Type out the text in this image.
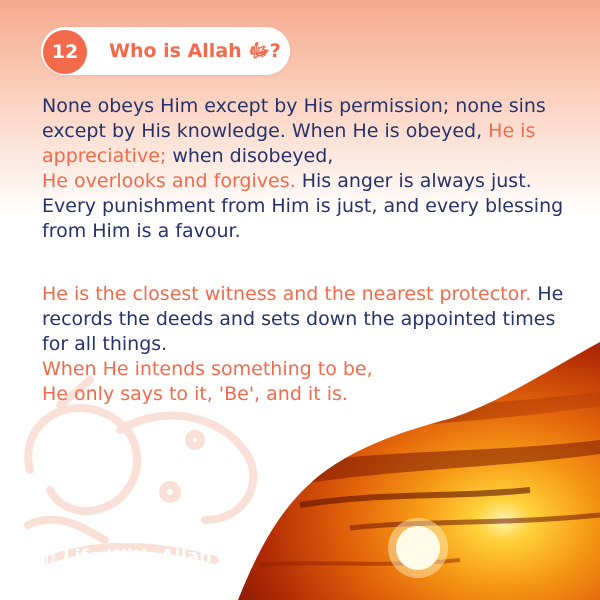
12	Who is Allah ﷻ?

None obeys Him except by His permission; none sins except by His knowledge. When He is obeyed, He is appreciative; when disobeyed,
He overlooks and forgives. His anger is always just. Every punishment from Him is just, and every blessing from Him is a favour.

He is the closest witness and the nearest protector. He records the deeds and sets down the appointed times for all things.
When He intends something to be,
He only says to it, 'Be', and it is.

Life With Allah
